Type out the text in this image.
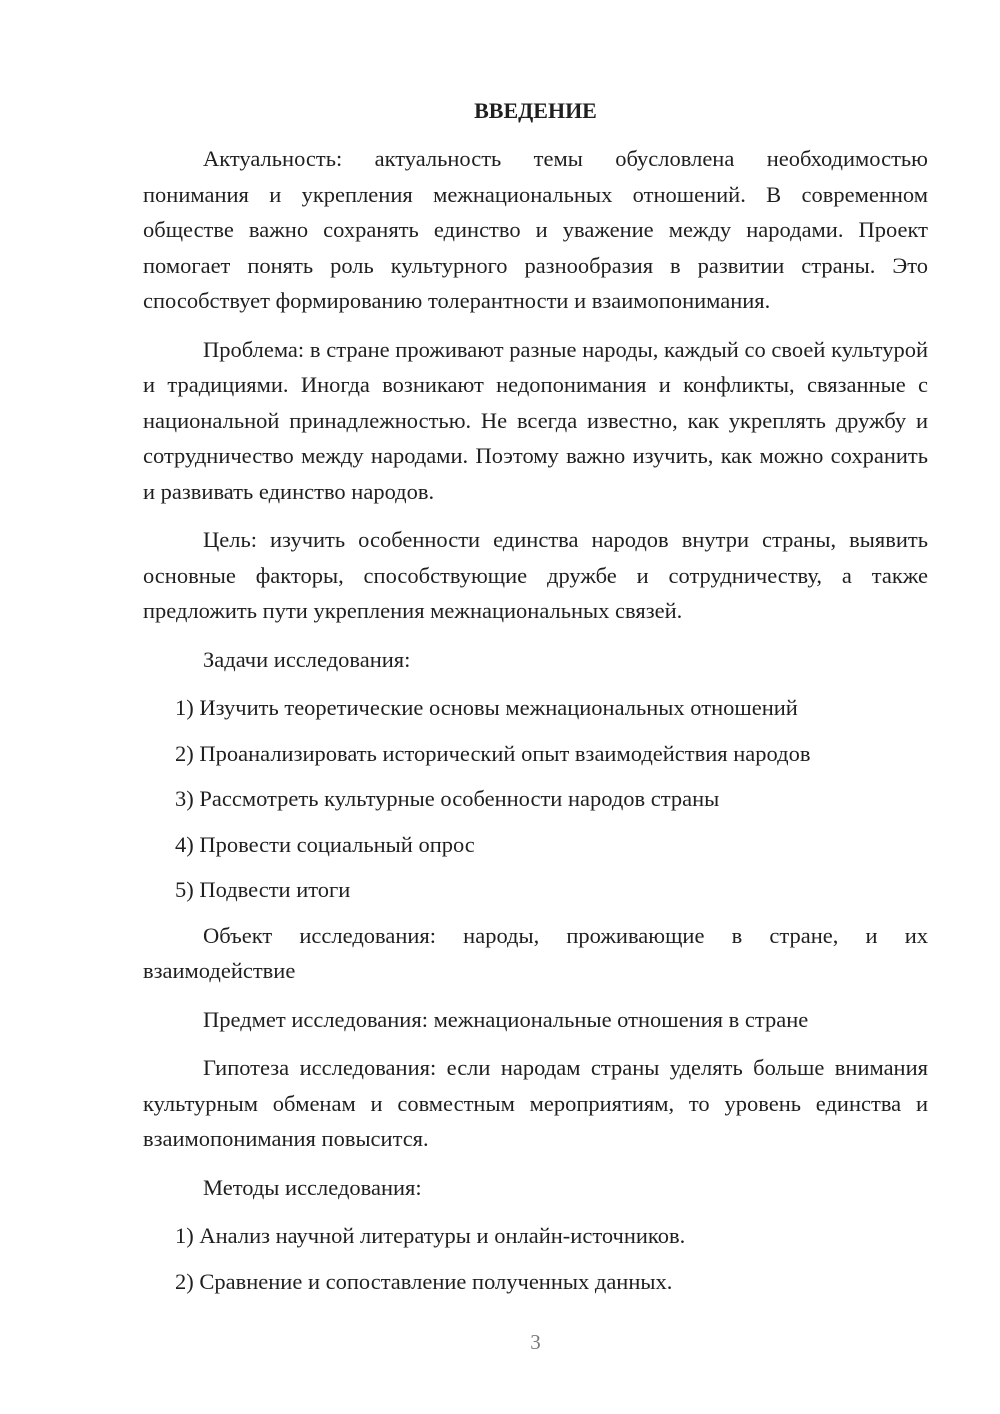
ВВЕДЕНИЕ

Актуальность: актуальность темы обусловлена необходимостью понимания и укрепления межнациональных отношений. В современном обществе важно сохранять единство и уважение между народами. Проект помогает понять роль культурного разнообразия в развитии страны. Это способствует формированию толерантности и взаимопонимания.

Проблема: в стране проживают разные народы, каждый со своей культурой и традициями. Иногда возникают недопонимания и конфликты, связанные с национальной принадлежностью. Не всегда известно, как укреплять дружбу и сотрудничество между народами. Поэтому важно изучить, как можно сохранить и развивать единство народов.

Цель: изучить особенности единства народов внутри страны, выявить основные факторы, способствующие дружбе и сотрудничеству, а также предложить пути укрепления межнациональных связей.

Задачи исследования:

1) Изучить теоретические основы межнациональных отношений
2) Проанализировать исторический опыт взаимодействия народов
3) Рассмотреть культурные особенности народов страны
4) Провести социальный опрос
5) Подвести итоги

Объект исследования: народы, проживающие в стране, и их взаимодействие

Предмет исследования: межнациональные отношения в стране

Гипотеза исследования: если народам страны уделять больше внимания культурным обменам и совместным мероприятиям, то уровень единства и взаимопонимания повысится.

Методы исследования:

1) Анализ научной литературы и онлайн-источников.
2) Сравнение и сопоставление полученных данных.
3
